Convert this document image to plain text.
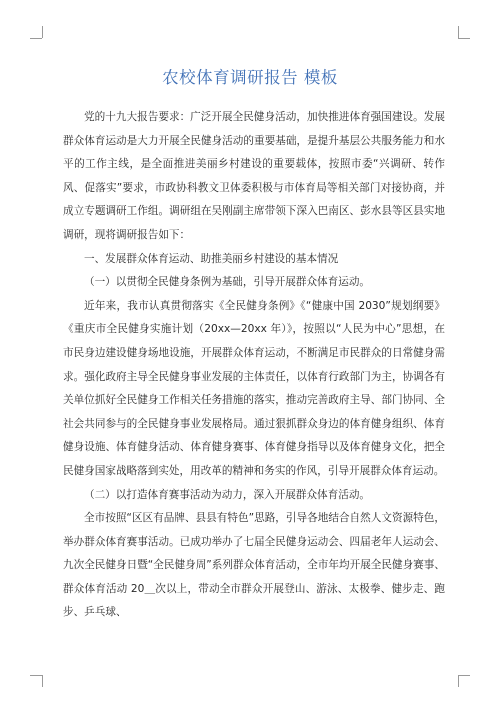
农校体育调研报告 模板

党的十九大报告要求：广泛开展全民健身活动，加快推进体育强国建设。发展群众体育运动是大力开展全民健身活动的重要基础，是提升基层公共服务能力和水平的工作主线，是全面推进美丽乡村建设的重要载体，按照市委“兴调研、转作风、促落实”要求，市政协科教文卫体委积极与市体育局等相关部门对接协商，并成立专题调研工作组。调研组在吴刚副主席带领下深入巴南区、彭水县等区县实地调研，现将调研报告如下：

一、发展群众体育运动、助推美丽乡村建设的基本情况

（一）以贯彻全民健身条例为基础，引导开展群众体育运动。

近年来，我市认真贯彻落实《全民健身条例》《“健康中国 2030”规划纲要》《重庆市全民健身实施计划（20xx—20xx 年）》，按照以“人民为中心”思想，在市民身边建设健身场地设施，开展群众体育运动，不断满足市民群众的日常健身需求。强化政府主导全民健身事业发展的主体责任，以体育行政部门为主，协调各有关单位抓好全民健身工作相关任务措施的落实，推动完善政府主导、部门协同、全社会共同参与的全民健身事业发展格局。通过狠抓群众身边的体育健身组织、体育健身设施、体育健身活动、体育健身赛事、体育健身指导以及体育健身文化，把全民健身国家战略落到实处，用改革的精神和务实的作风，引导开展群众体育运动。

（二）以打造体育赛事活动为动力，深入开展群众体育活动。

全市按照“区区有品牌、县县有特色”思路，引导各地结合自然人文资源特色，举办群众体育赛事活动。已成功举办了七届全民健身运动会、四届老年人运动会、九次全民健身日暨“全民健身周”系列群众体育活动，全市年均开展全民健身赛事、群众体育活动 20＿次以上，带动全市群众开展登山、游泳、太极拳、健步走、跑步、乒乓球、
